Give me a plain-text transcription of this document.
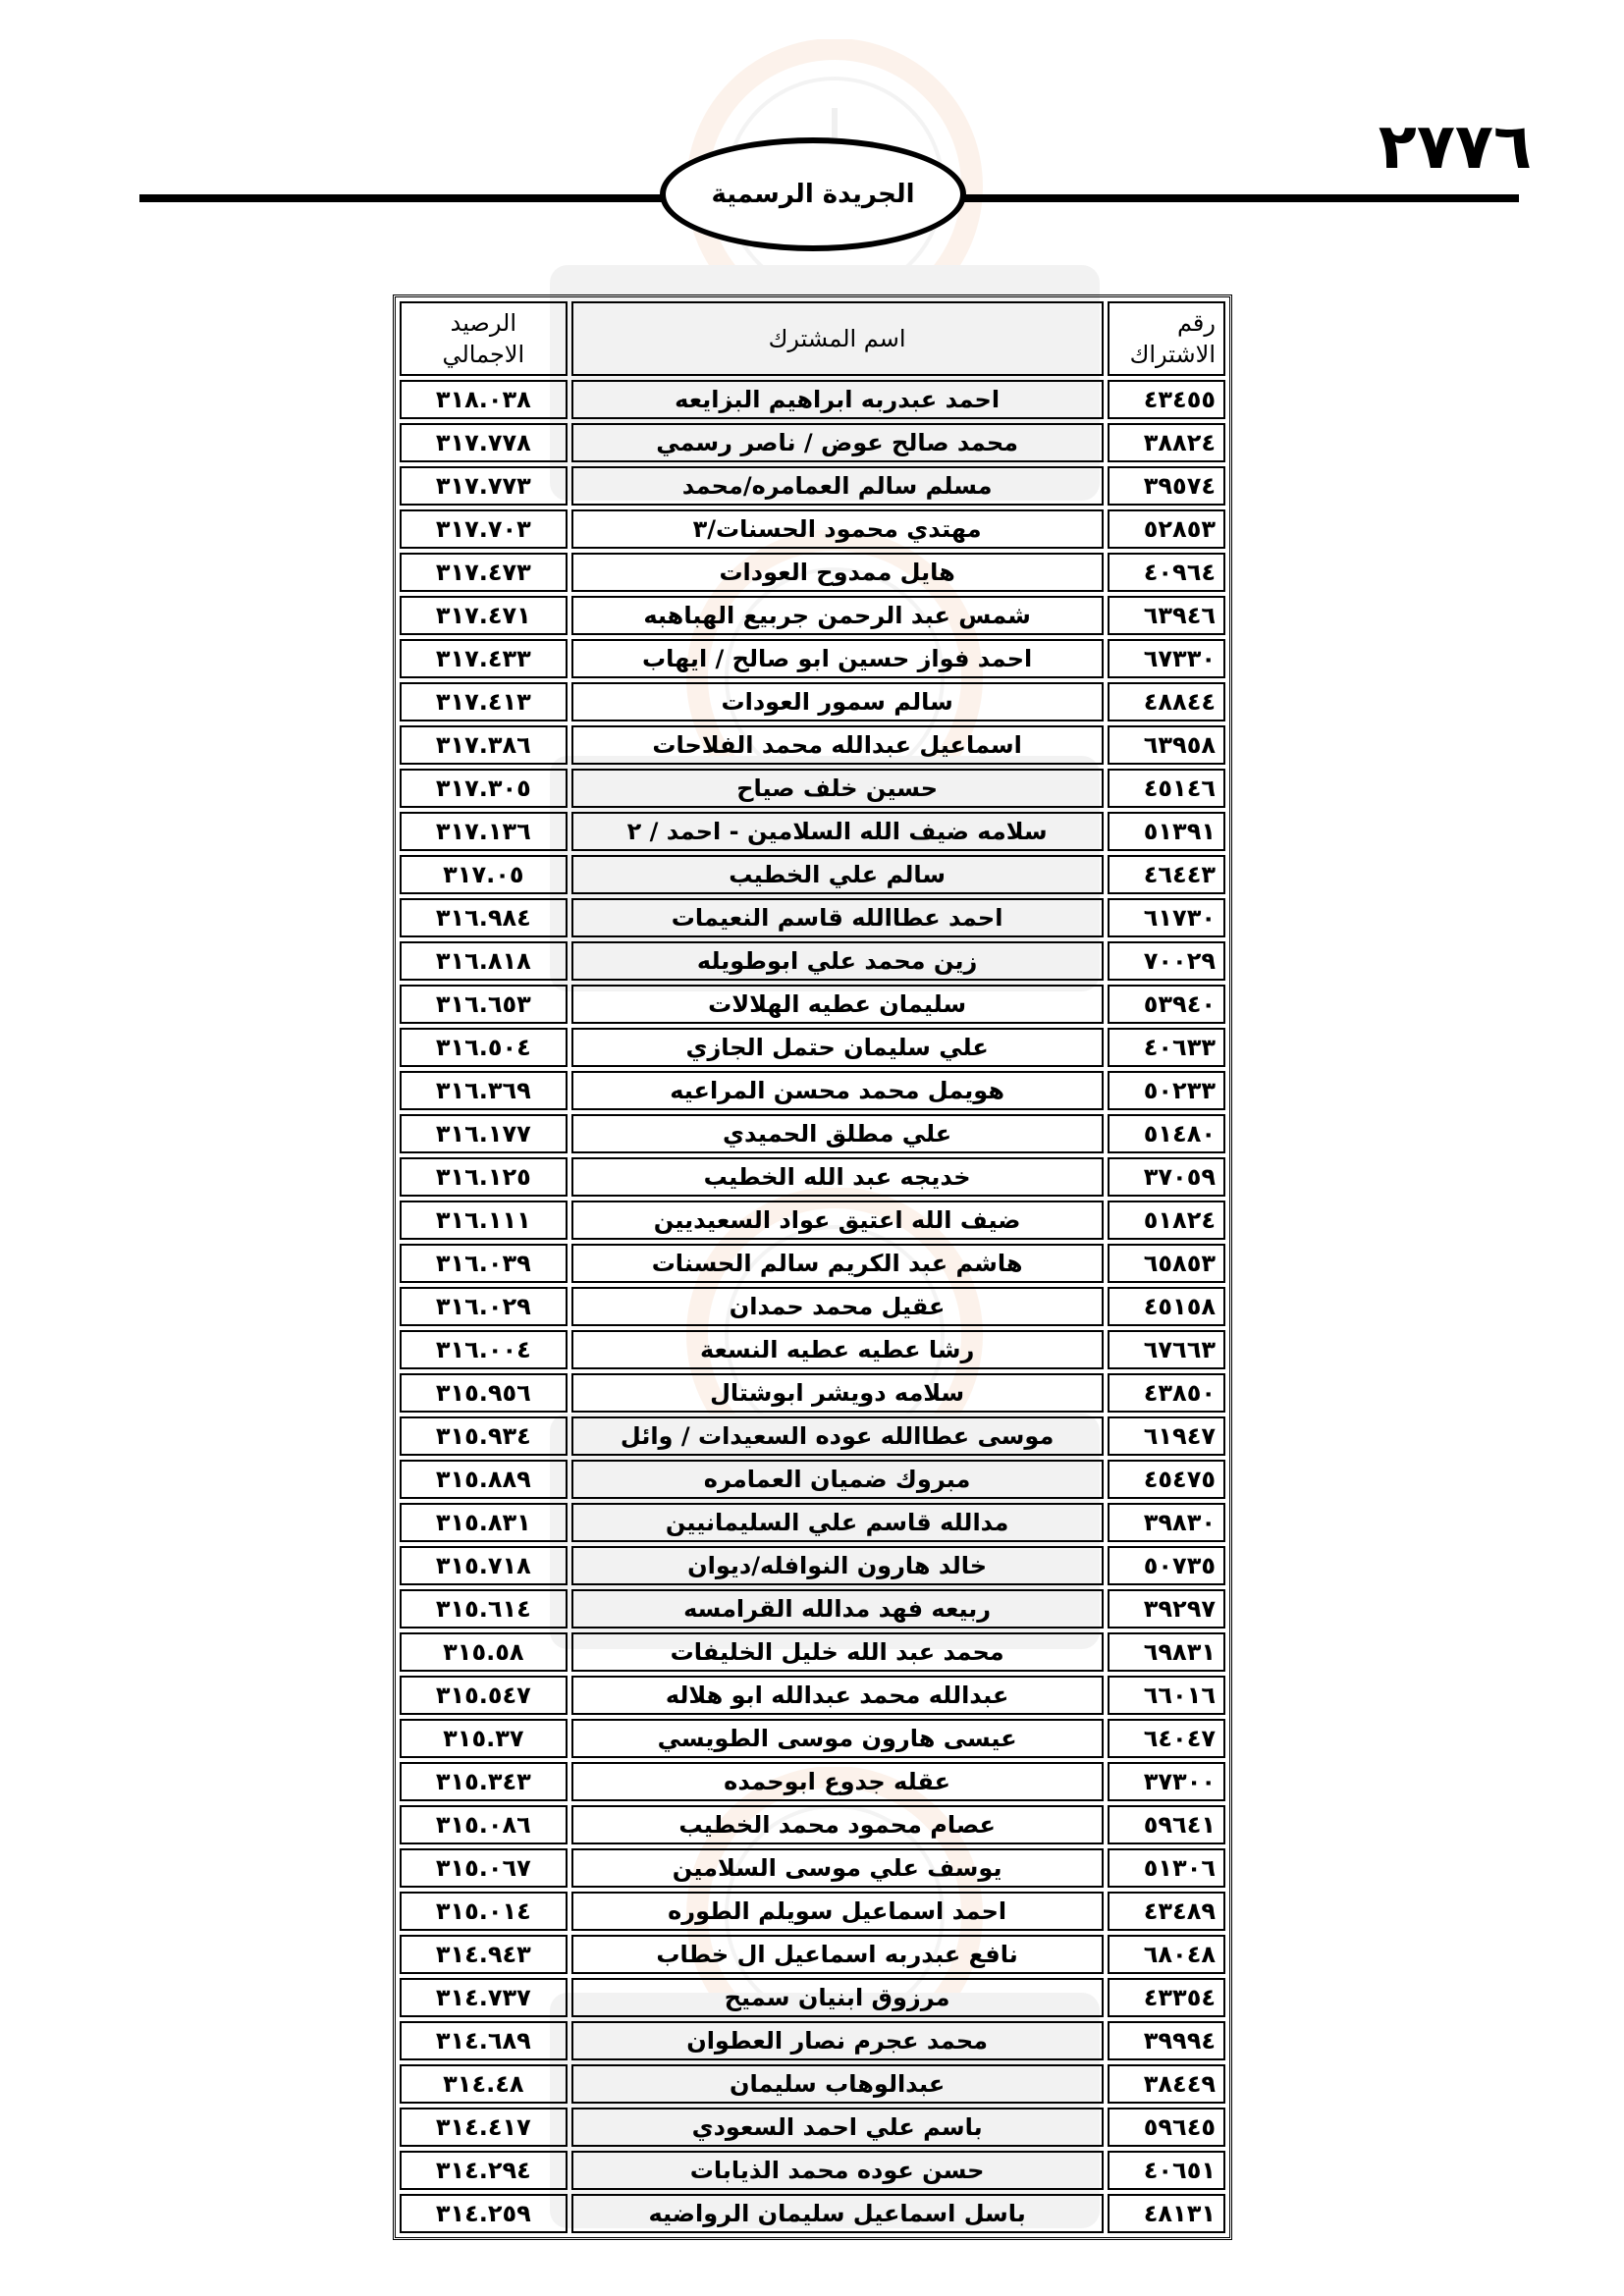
٢٧٧٦
الجريدة الرسمية
رقم الاشتراك	اسم المشترك	الرصيد الاجمالي
٤٣٤٥٥	احمد عبدربه ابراهيم البزايعه	٣١٨.٠٣٨
٣٨٨٢٤	محمد صالح عوض / ناصر رسمي	٣١٧.٧٧٨
٣٩٥٧٤	مسلم سالم العمامره/محمد	٣١٧.٧٧٣
٥٢٨٥٣	مهتدي محمود الحسنات/٣	٣١٧.٧٠٣
٤٠٩٦٤	هايل ممدوح العودات	٣١٧.٤٧٣
٦٣٩٤٦	شمس عبد الرحمن جربيع الهباهبه	٣١٧.٤٧١
٦٧٣٣٠	احمد فواز حسين ابو صالح / ايهاب	٣١٧.٤٣٣
٤٨٨٤٤	سالم سمور العودات	٣١٧.٤١٣
٦٣٩٥٨	اسماعيل عبدالله محمد الفلاحات	٣١٧.٣٨٦
٤٥١٤٦	حسين خلف صياح	٣١٧.٣٠٥
٥١٣٩١	سلامه ضيف الله السلامين - احمد / ٢	٣١٧.١٣٦
٤٦٤٤٣	سالم علي الخطيب	٣١٧.٠٥
٦١٧٣٠	احمد عطاالله قاسم النعيمات	٣١٦.٩٨٤
٧٠٠٢٩	زين محمد علي ابوطويله	٣١٦.٨١٨
٥٣٩٤٠	سليمان عطيه الهلالات	٣١٦.٦٥٣
٤٠٦٣٣	علي سليمان حتمل الجازي	٣١٦.٥٠٤
٥٠٢٣٣	هويمل محمد محسن المراعيه	٣١٦.٣٦٩
٥١٤٨٠	علي مطلق الحميدي	٣١٦.١٧٧
٣٧٠٥٩	خديجه عبد الله الخطيب	٣١٦.١٢٥
٥١٨٢٤	ضيف الله اعتيق عواد السعيديين	٣١٦.١١١
٦٥٨٥٣	هاشم عبد الكريم سالم الحسنات	٣١٦.٠٣٩
٤٥١٥٨	عقيل محمد حمدان	٣١٦.٠٢٩
٦٧٦٦٣	رشا عطيه عطيه النسعة	٣١٦.٠٠٤
٤٣٨٥٠	سلامه دويشر ابوشتال	٣١٥.٩٥٦
٦١٩٤٧	موسى عطاالله عوده السعيدات / وائل	٣١٥.٩٣٤
٤٥٤٧٥	مبروك ضميان العمامره	٣١٥.٨٨٩
٣٩٨٣٠	مدالله قاسم علي السليمانيين	٣١٥.٨٣١
٥٠٧٣٥	خالد هارون النوافله/ديوان	٣١٥.٧١٨
٣٩٢٩٧	ربيعه فهد مدالله القرامسه	٣١٥.٦١٤
٦٩٨٣١	محمد عبد الله خليل الخليفات	٣١٥.٥٨
٦٦٠١٦	عبدالله محمد عبدالله ابو هلاله	٣١٥.٥٤٧
٦٤٠٤٧	عيسى هارون موسى الطويسي	٣١٥.٣٧
٣٧٣٠٠	عقله جدوع ابوحمده	٣١٥.٣٤٣
٥٩٦٤١	عصام محمود محمد الخطيب	٣١٥.٠٨٦
٥١٣٠٦	يوسف علي موسى السلامين	٣١٥.٠٦٧
٤٣٤٨٩	احمد اسماعيل سويلم الطوره	٣١٥.٠١٤
٦٨٠٤٨	نافع عبدربه اسماعيل ال خطاب	٣١٤.٩٤٣
٤٣٣٥٤	مرزوق ابنيان سميح	٣١٤.٧٣٧
٣٩٩٩٤	محمد عجرم نصار العطوان	٣١٤.٦٨٩
٣٨٤٤٩	عبدالوهاب سليمان	٣١٤.٤٨
٥٩٦٤٥	باسم علي احمد السعودي	٣١٤.٤١٧
٤٠٦٥١	حسن عوده محمد الذيابات	٣١٤.٢٩٤
٤٨١٣١	باسل اسماعيل سليمان الرواضيه	٣١٤.٢٥٩
